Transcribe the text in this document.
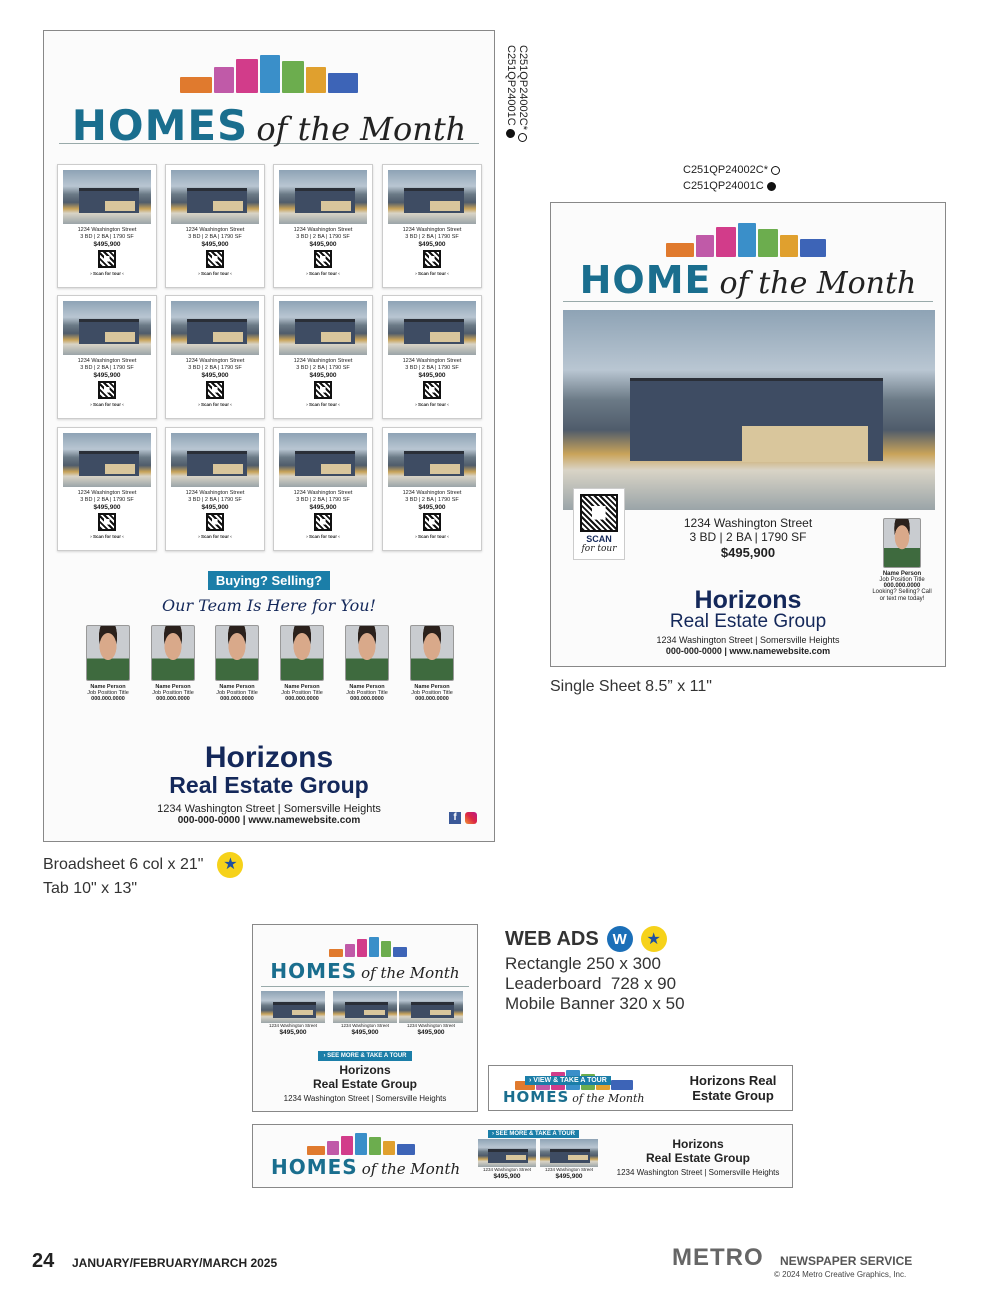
HOMES of the Month
1234 Washington Street
3 BD | 2 BA | 1790 SF
$495,900
› Scan for tour ‹
1234 Washington Street
3 BD | 2 BA | 1790 SF
$495,900
› Scan for tour ‹
1234 Washington Street
3 BD | 2 BA | 1790 SF
$495,900
› Scan for tour ‹
1234 Washington Street
3 BD | 2 BA | 1790 SF
$495,900
› Scan for tour ‹
1234 Washington Street
3 BD | 2 BA | 1790 SF
$495,900
› Scan for tour ‹
1234 Washington Street
3 BD | 2 BA | 1790 SF
$495,900
› Scan for tour ‹
1234 Washington Street
3 BD | 2 BA | 1790 SF
$495,900
› Scan for tour ‹
1234 Washington Street
3 BD | 2 BA | 1790 SF
$495,900
› Scan for tour ‹
1234 Washington Street
3 BD | 2 BA | 1790 SF
$495,900
› Scan for tour ‹
1234 Washington Street
3 BD | 2 BA | 1790 SF
$495,900
› Scan for tour ‹
1234 Washington Street
3 BD | 2 BA | 1790 SF
$495,900
› Scan for tour ‹
1234 Washington Street
3 BD | 2 BA | 1790 SF
$495,900
› Scan for tour ‹
Buying? Selling?
Our Team Is Here for You!
Name Person
Job Position Title
000.000.0000
Name Person
Job Position Title
000.000.0000
Name Person
Job Position Title
000.000.0000
Name Person
Job Position Title
000.000.0000
Name Person
Job Position Title
000.000.0000
Name Person
Job Position Title
000.000.0000
Horizons
Real Estate Group
1234 Washington Street | Somersville Heights
000-000-0000 | www.namewebsite.com	f
C251QP24002C*
C251QP24001C
Broadsheet 6 col x 21"	★
Tab 10" x 13"
C251QP24002C*
C251QP24001C
HOME of the Month
SCAN
for tour
1234 Washington Street
3 BD | 2 BA | 1790 SF
$495,900
Name Person
Job Position Title
000.000.0000
Looking? Selling? Call or text me today!
Horizons
Real Estate Group
1234 Washington Street | Somersville Heights
000-000-0000 | www.namewebsite.com
Single Sheet 8.5” x 11"
HOMES of the Month
1234 Washington Street
$495,900
1234 Washington Street
$495,900
1234 Washington Street
$495,900
› SEE MORE & TAKE A TOUR
Horizons
Real Estate Group
1234 Washington Street | Somersville Heights
WEB ADS W	★
Rectangle 250 x 300
Leaderboard  728 x 90
Mobile Banner 320 x 50
› VIEW & TAKE A TOUR
HOMES of the Month
Horizons Real Estate Group
HOMES of the Month
› SEE MORE & TAKE A TOUR
1234 Washington Street
$495,900
1234 Washington Street
$495,900
Horizons
Real Estate Group
1234 Washington Street | Somersville Heights
24 JANUARY/FEBRUARY/MARCH 2025	METRO NEWSPAPER SERVICE
© 2024 Metro Creative Graphics, Inc.
